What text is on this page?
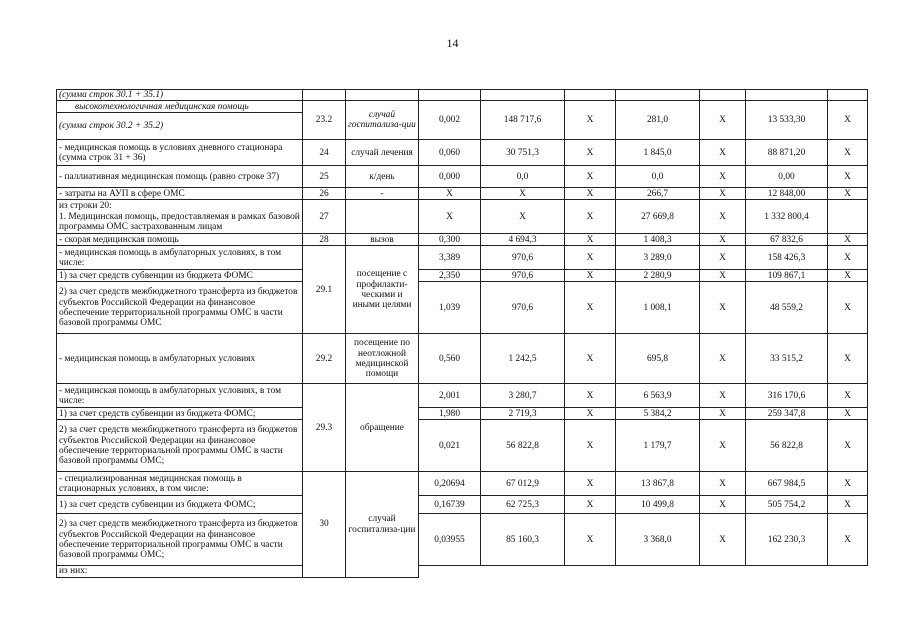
14
(сумма строк 30.1 + 35.1)									
высокотехнологичная медицинская помощь	23.2	случай госпитализа-ции	0,002	148 717,6	X	281,0	X	13 533,30	X
(сумма строк 30.2 + 35.2)									
- медицинская помощь в условиях дневного стационара (сумма строк 31 + 36)	24	случай лечения	0,060	30 751,3	X	1 845,0	X	88 871,20	X
- паллиативная медицинская помощь (равно строке 37)	25	к/день	0,000	0,0	X	0,0	X	0,00	X
- затраты на АУП в сфере ОМС	26	-	X	X	X	266,7	X	12 848,00	X
из строки 20:
1. Медицинская помощь, предоставляемая в рамках базовой программы ОМС застрахованным лицам	27		X	X	X	27 669,8	X	1 332 800,4	
- скорая медицинская помощь	28	вызов	0,300	4 694,3	X	1 408,3	X	67 832,6	X
- медицинская помощь в амбулаторных условиях, в том числе:	29.1	посещение с профилакти-ческими и иными целями	3,389	970,6	X	3 289,0	X	158 426,3	X
1) за счет средств субвенции из бюджета ФОМС			2,350	970,6	X	2 280,9	X	109 867,1	X
2) за счет средств межбюджетного трансферта из бюджетов субъектов Российской Федерации на финансовое обеспечение территориальной программы ОМС в части базовой программы ОМС			1,039	970,6	X	1 008,1	X	48 559,2	X
- медицинская помощь в амбулаторных условиях	29.2	посещение по неотложной медицинской помощи	0,560	1 242,5	X	695,8	X	33 515,2	X
- медицинская помощь в амбулаторных условиях, в том числе:	29.3	обращение	2,001	3 280,7	X	6 563,9	X	316 170,6	X
1) за счет средств субвенции из бюджета ФОМС;			1,980	2 719,3	X	5 384,2	X	259 347,8	X
2) за счет средств межбюджетного трансферта из бюджетов субъектов Российской Федерации на финансовое обеспечение территориальной программы ОМС в части базовой программы ОМС;			0,021	56 822,8	X	1 179,7	X	56 822,8	X
- специализированная медицинская помощь в стационарных условиях, в том числе:	30	случай госпитализа-ции	0,20694	67 012,9	X	13 867,8	X	667 984,5	X
1) за счет средств субвенции из бюджета ФОМС;			0,16739	62 725,3	X	10 499,8	X	505 754,2	X
2) за счет средств межбюджетного трансферта из бюджетов субъектов Российской Федерации на финансовое обеспечение территориальной программы ОМС в части базовой программы ОМС;			0,03955	85 160,3	X	3 368,0	X	162 230,3	X
из них:									
